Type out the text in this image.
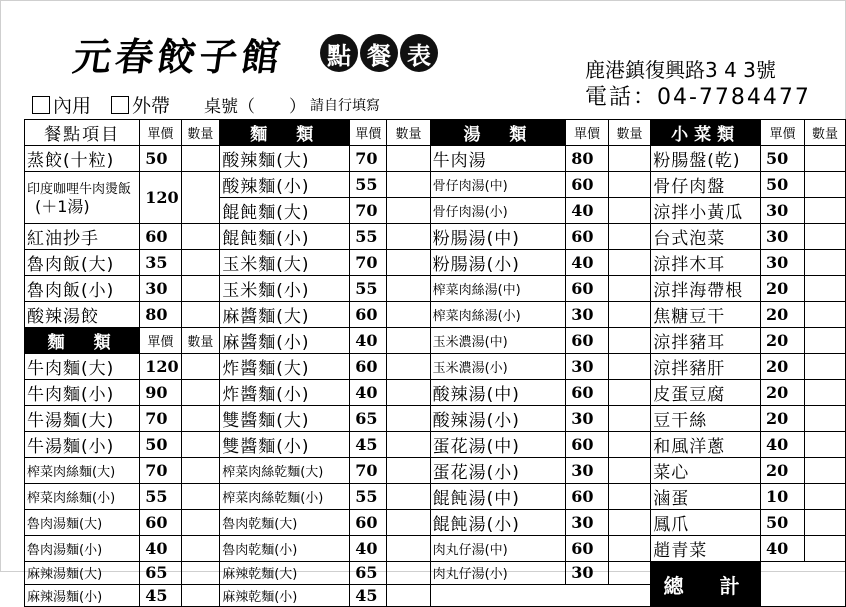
元春餃子館 點 餐 表
鹿港鎮復興路3 4 3號
電話：04-7784477
內用 外帶 桌號（　　） 請自行填寫
餐點項目	單價	數量	麵　類	單價	數量	湯　類	單價	數量	小菜類	單價	數量
蒸餃(十粒)	50		酸辣麵(大)	70		牛肉湯	80		粉腸盤(乾)	50	

印度咖哩牛肉燙飯
(＋1湯)	120		酸辣麵(小)	55		骨仔肉湯(中)	60		骨仔肉盤	50	
			餛飩麵(大)	70		骨仔肉湯(小)	40		涼拌小黃瓜	30	
紅油抄手	60		餛飩麵(小)	55		粉腸湯(中)	60		台式泡菜	30	
魯肉飯(大)	35		玉米麵(大)	70		粉腸湯(小)	40		涼拌木耳	30	
魯肉飯(小)	30		玉米麵(小)	55		榨菜肉絲湯(中)	60		涼拌海帶根	20	
酸辣湯餃	80		麻醬麵(大)	60		榨菜肉絲湯(小)	30		焦糖豆干	20	
麵　類	單價	數量	麻醬麵(小)	40		玉米濃湯(中)	60		涼拌豬耳	20	
牛肉麵(大)	120		炸醬麵(大)	60		玉米濃湯(小)	30		涼拌豬肝	20	
牛肉麵(小)	90		炸醬麵(小)	40		酸辣湯(中)	60		皮蛋豆腐	20	
牛湯麵(大)	70		雙醬麵(大)	65		酸辣湯(小)	30		豆干絲	20	
牛湯麵(小)	50		雙醬麵(小)	45		蛋花湯(中)	60		和風洋蔥	40	
榨菜肉絲麵(大)	70		榨菜肉絲乾麵(大)	70		蛋花湯(小)	30		菜心	20	
榨菜肉絲麵(小)	55		榨菜肉絲乾麵(小)	55		餛飩湯(中)	60		滷蛋	10	
魯肉湯麵(大)	60		魯肉乾麵(大)	60		餛飩湯(小)	30		鳳爪	50	
魯肉湯麵(小)	40		魯肉乾麵(小)	40		肉丸仔湯(中)	60		趙青菜	40	
麻辣湯麵(大)	65		麻辣乾麵(大)	65		肉丸仔湯(小)	30		總　計		
麻辣湯麵(小)	45		麻辣乾麵(小)	45							
